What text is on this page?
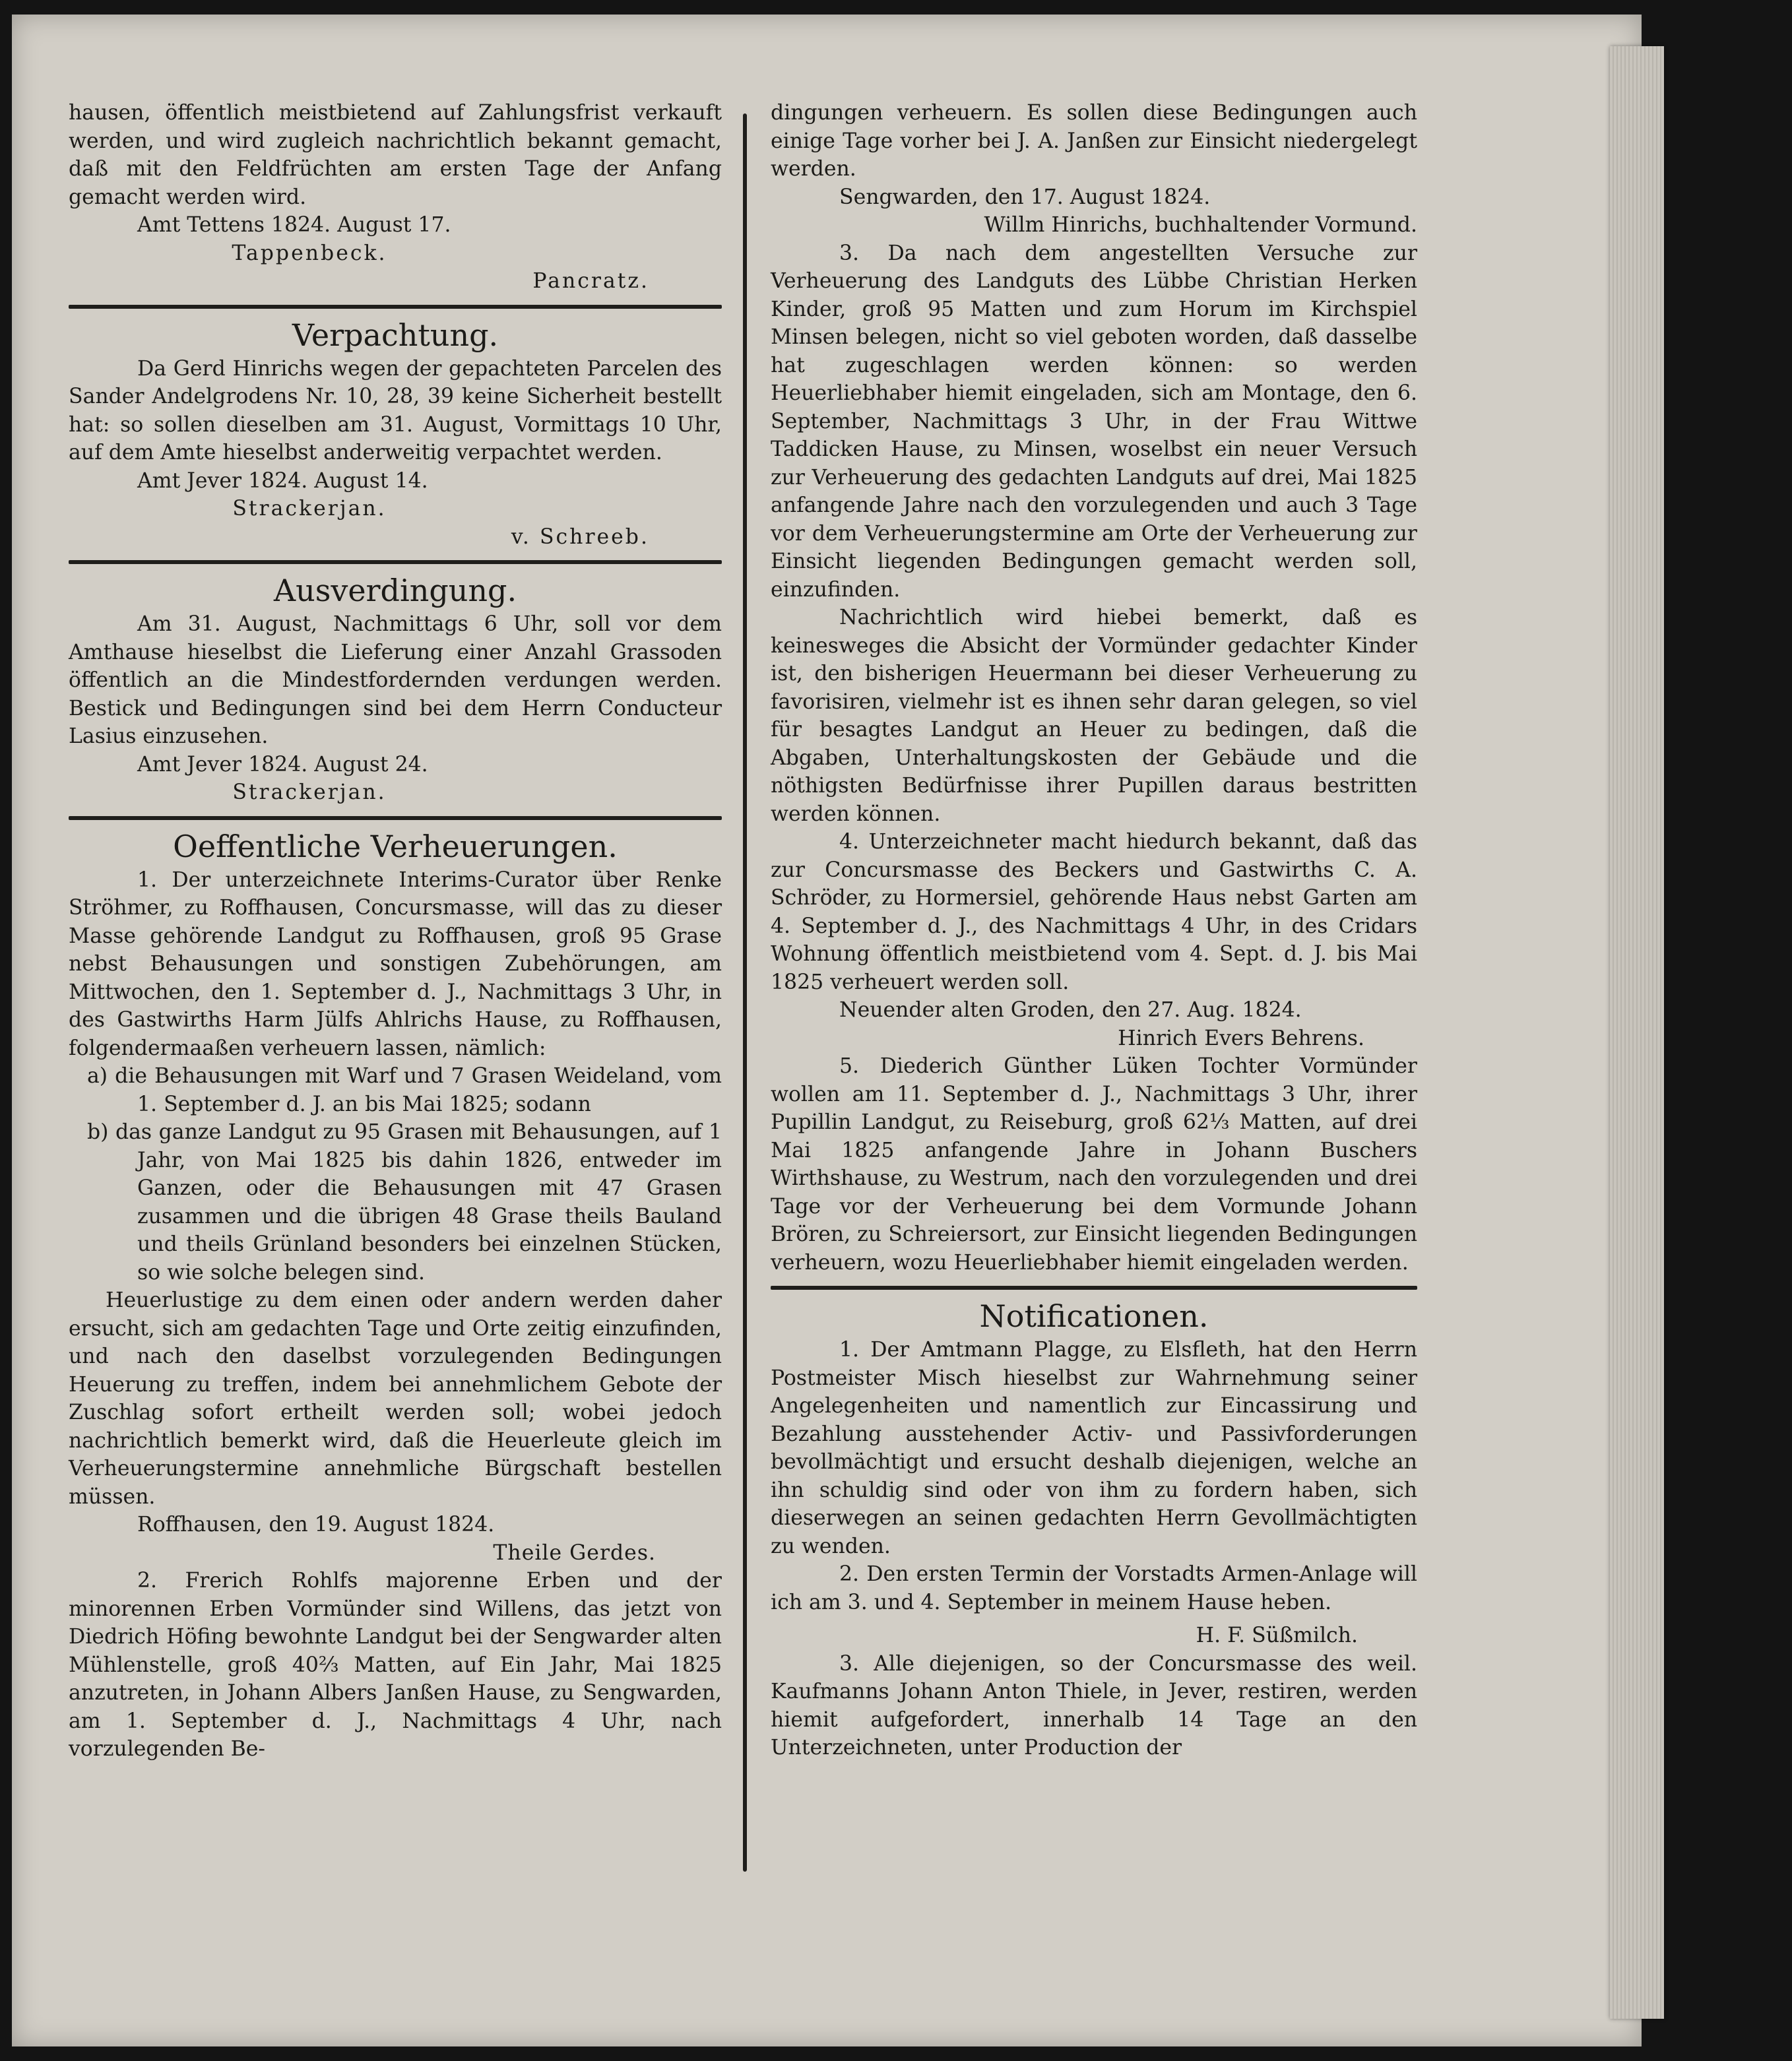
hausen, öffentlich meistbietend auf Zahlungsfrist verkauft werden, und wird zugleich nachrichtlich bekannt gemacht, daß mit den Feldfrüchten am ersten Tage der Anfang gemacht werden wird.

Amt Tettens 1824. August 17.

Tappenbeck.

Pancratz.

Verpachtung.

Da Gerd Hinrichs wegen der gepachteten Parcelen des Sander Andelgrodens Nr. 10, 28, 39 keine Sicherheit bestellt hat: so sollen dieselben am 31. August, Vormittags 10 Uhr, auf dem Amte hieselbst anderweitig verpachtet werden.

Amt Jever 1824. August 14.

Strackerjan.

v. Schreeb.

Ausverdingung.

Am 31. August, Nachmittags 6 Uhr, soll vor dem Amthause hieselbst die Lieferung einer Anzahl Grassoden öffentlich an die Mindestfordernden verdungen werden. Bestick und Bedingungen sind bei dem Herrn Conducteur Lasius einzusehen.

Amt Jever 1824. August 24.

Strackerjan.

Oeffentliche Verheuerungen.

1. Der unterzeichnete Interims-Curator über Renke Ströhmer, zu Roffhausen, Concursmasse, will das zu dieser Masse gehörende Landgut zu Roffhausen, groß 95 Grase nebst Behausungen und sonstigen Zubehörungen, am Mittwochen, den 1. September d. J., Nachmittags 3 Uhr, in des Gastwirths Harm Jülfs Ahlrichs Hause, zu Roffhausen, folgendermaaßen verheuern lassen, nämlich:

a) die Behausungen mit Warf und 7 Grasen Weideland, vom 1. September d. J. an bis Mai 1825; sodann

b) das ganze Landgut zu 95 Grasen mit Behausungen, auf 1 Jahr, von Mai 1825 bis dahin 1826, entweder im Ganzen, oder die Behausungen mit 47 Grasen zusammen und die übrigen 48 Grase theils Bauland und theils Grünland besonders bei einzelnen Stücken, so wie solche belegen sind.

Heuerlustige zu dem einen oder andern werden daher ersucht, sich am gedachten Tage und Orte zeitig einzufinden, und nach den daselbst vorzulegenden Bedingungen Heuerung zu treffen, indem bei annehmlichem Gebote der Zuschlag sofort ertheilt werden soll; wobei jedoch nachrichtlich bemerkt wird, daß die Heuerleute gleich im Verheuerungstermine annehmliche Bürgschaft bestellen müssen.

Roffhausen, den 19. August 1824.

Theile Gerdes.

2. Frerich Rohlfs majorenne Erben und der minorennen Erben Vormünder sind Willens, das jetzt von Diedrich Höfing bewohnte Landgut bei der Sengwarder alten Mühlenstelle, groß 40⅔ Matten, auf Ein Jahr, Mai 1825 anzutreten, in Johann Albers Janßen Hause, zu Sengwarden, am 1. September d. J., Nachmittags 4 Uhr, nach vorzulegenden Be-

dingungen verheuern. Es sollen diese Bedingungen auch einige Tage vorher bei J. A. Janßen zur Einsicht niedergelegt werden.

Sengwarden, den 17. August 1824.

Willm Hinrichs, buchhaltender Vormund.

3. Da nach dem angestellten Versuche zur Verheuerung des Landguts des Lübbe Christian Herken Kinder, groß 95 Matten und zum Horum im Kirchspiel Minsen belegen, nicht so viel geboten worden, daß dasselbe hat zugeschlagen werden können: so werden Heuerliebhaber hiemit eingeladen, sich am Montage, den 6. September, Nachmittags 3 Uhr, in der Frau Wittwe Taddicken Hause, zu Minsen, woselbst ein neuer Versuch zur Verheuerung des gedachten Landguts auf drei, Mai 1825 anfangende Jahre nach den vorzulegenden und auch 3 Tage vor dem Verheuerungstermine am Orte der Verheuerung zur Einsicht liegenden Bedingungen gemacht werden soll, einzufinden.

Nachrichtlich wird hiebei bemerkt, daß es keinesweges die Absicht der Vormünder gedachter Kinder ist, den bisherigen Heuermann bei dieser Verheuerung zu favorisiren, vielmehr ist es ihnen sehr daran gelegen, so viel für besagtes Landgut an Heuer zu bedingen, daß die Abgaben, Unterhaltungskosten der Gebäude und die nöthigsten Bedürfnisse ihrer Pupillen daraus bestritten werden können.

4. Unterzeichneter macht hiedurch bekannt, daß das zur Concursmasse des Beckers und Gastwirths C. A. Schröder, zu Hormersiel, gehörende Haus nebst Garten am 4. September d. J., des Nachmittags 4 Uhr, in des Cridars Wohnung öffentlich meistbietend vom 4. Sept. d. J. bis Mai 1825 verheuert werden soll.

Neuender alten Groden, den 27. Aug. 1824.

Hinrich Evers Behrens.

5. Diederich Günther Lüken Tochter Vormünder wollen am 11. September d. J., Nachmittags 3 Uhr, ihrer Pupillin Landgut, zu Reiseburg, groß 62⅓ Matten, auf drei Mai 1825 anfangende Jahre in Johann Buschers Wirthshause, zu Westrum, nach den vorzulegenden und drei Tage vor der Verheuerung bei dem Vormunde Johann Brören, zu Schreiersort, zur Einsicht liegenden Bedingungen verheuern, wozu Heuerliebhaber hiemit eingeladen werden.

Notificationen.

1. Der Amtmann Plagge, zu Elsfleth, hat den Herrn Postmeister Misch hieselbst zur Wahrnehmung seiner Angelegenheiten und namentlich zur Eincassirung und Bezahlung ausstehender Activ- und Passivforderungen bevollmächtigt und ersucht deshalb diejenigen, welche an ihn schuldig sind oder von ihm zu fordern haben, sich dieserwegen an seinen gedachten Herrn Gevollmächtigten zu wenden.

2. Den ersten Termin der Vorstadts Armen-Anlage will ich am 3. und 4. September in meinem Hause heben.

H. F. Süßmilch.

3. Alle diejenigen, so der Concursmasse des weil. Kaufmanns Johann Anton Thiele, in Jever, restiren, werden hiemit aufgefordert, innerhalb 14 Tage an den Unterzeichneten, unter Production der
